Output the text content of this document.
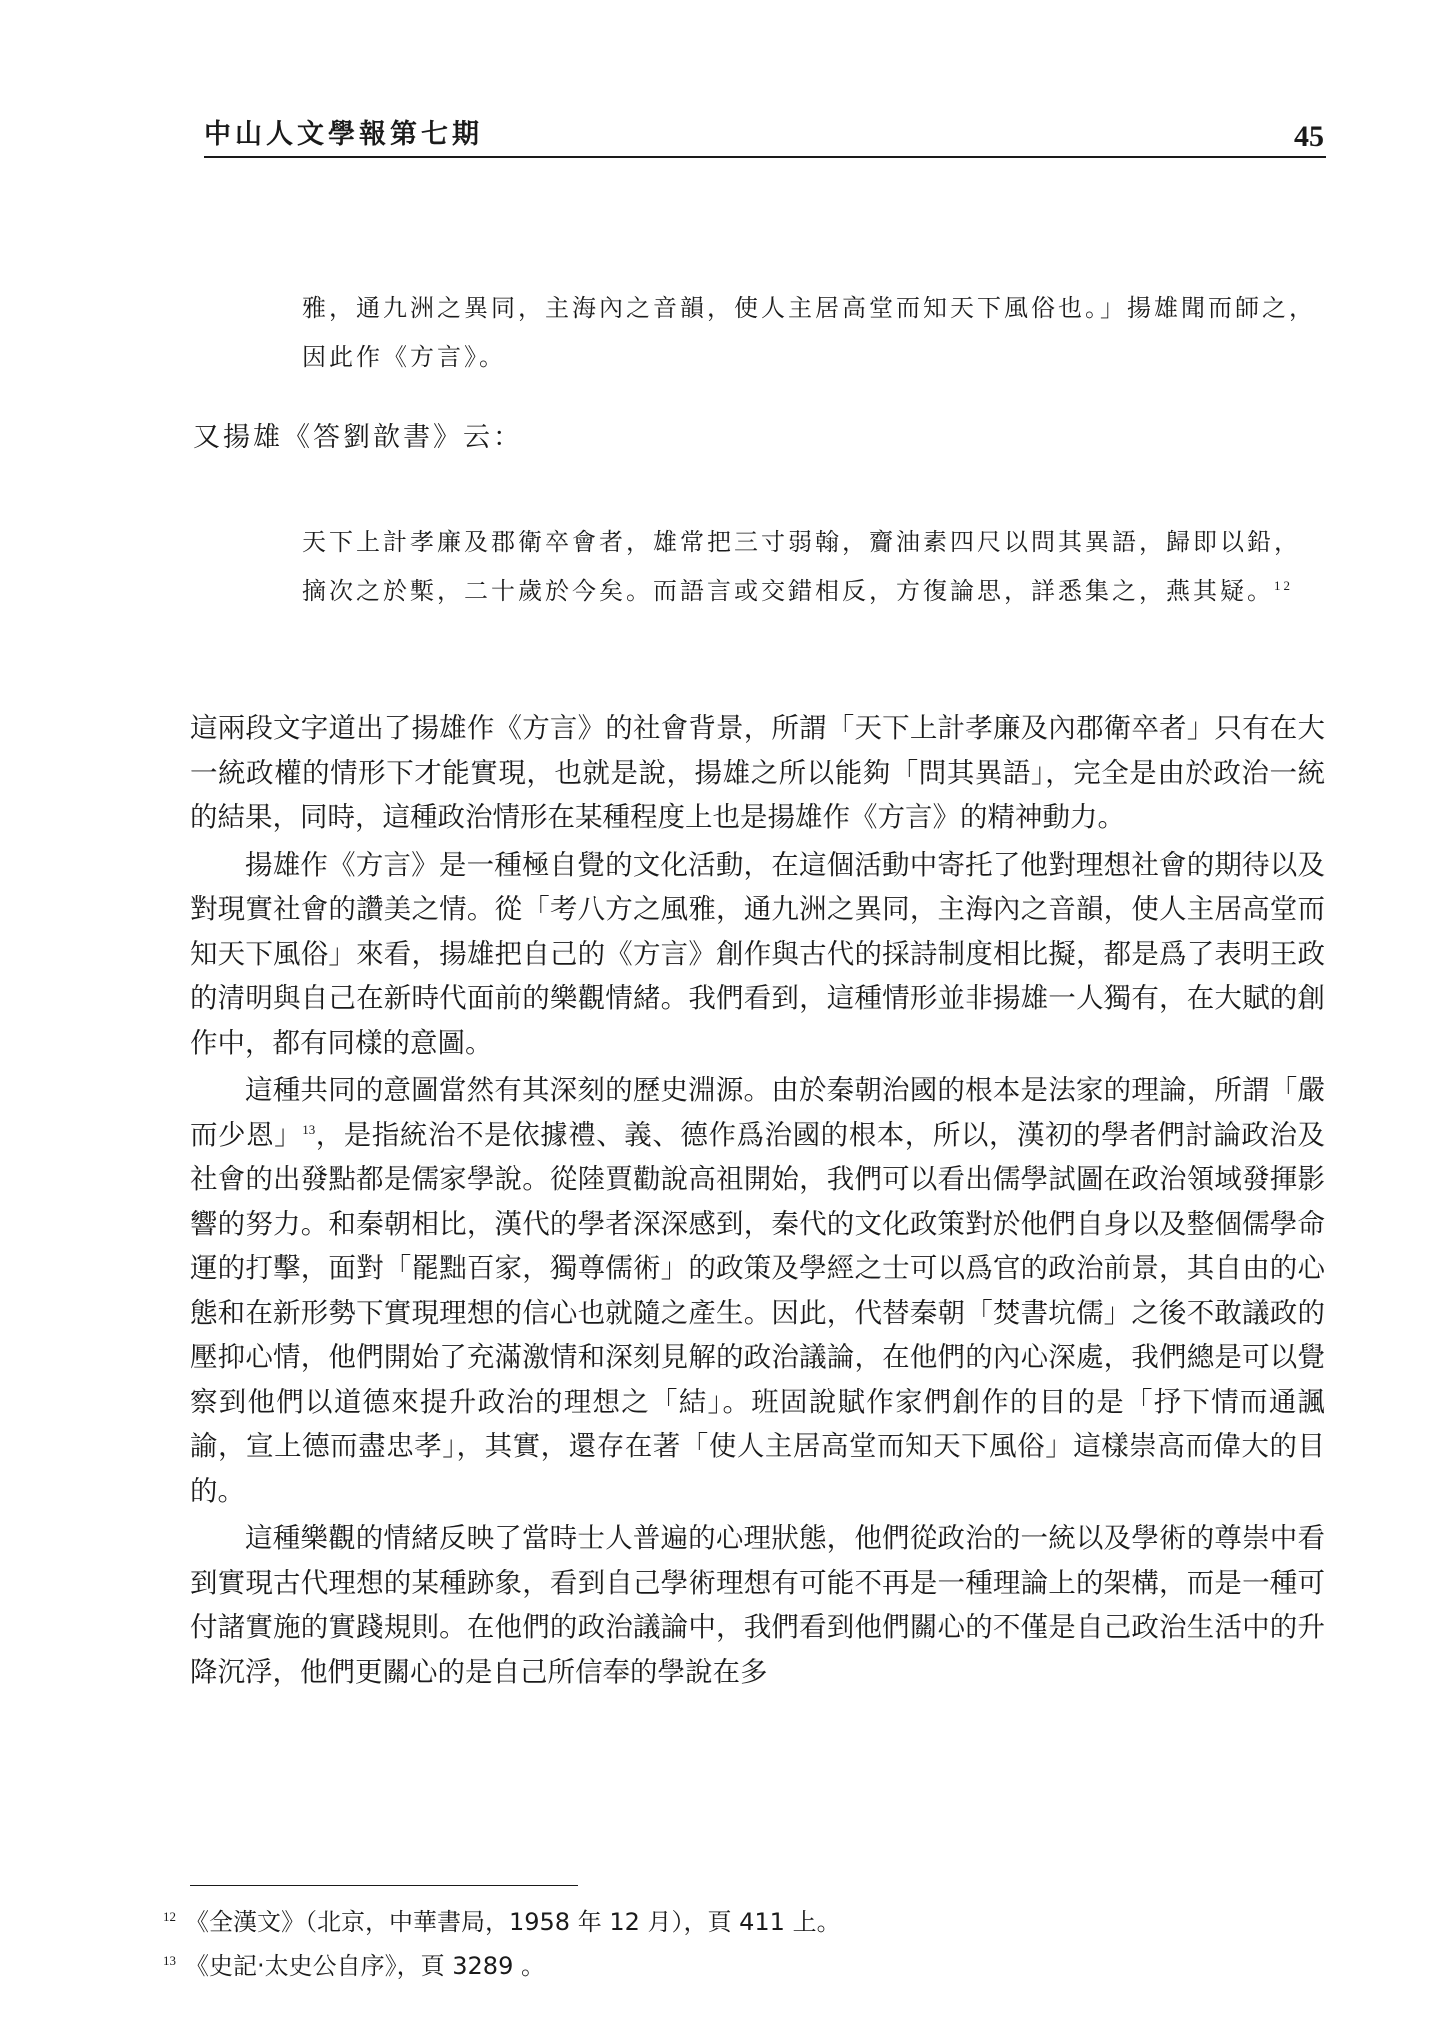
中山人文學報第七期	45
雅，通九洲之異同，主海內之音韻，使人主居高堂而知天下風俗也。」揚雄聞而師之，因此作《方言》。
又揚雄《答劉歆書》云：
天下上計孝廉及郡衛卒會者，雄常把三寸弱翰，齎油素四尺以問其異語，歸即以鉛，摘次之於槧，二十歲於今矣。而語言或交錯相反，方復論思，詳悉集之，燕其疑。$^{12}$

這兩段文字道出了揚雄作《方言》的社會背景，所謂「天下上計孝廉及內郡衛卒者」只有在大一統政權的情形下才能實現，也就是說，揚雄之所以能夠「問其異語」，完全是由於政治一統的結果，同時，這種政治情形在某種程度上也是揚雄作《方言》的精神動力。

揚雄作《方言》是一種極自覺的文化活動，在這個活動中寄托了他對理想社會的期待以及對現實社會的讚美之情。從「考八方之風雅，通九洲之異同，主海內之音韻，使人主居高堂而知天下風俗」來看，揚雄把自己的《方言》創作與古代的採詩制度相比擬，都是爲了表明王政的清明與自己在新時代面前的樂觀情緒。我們看到，這種情形並非揚雄一人獨有，在大賦的創作中，都有同樣的意圖。

這種共同的意圖當然有其深刻的歷史淵源。由於秦朝治國的根本是法家的理論，所謂「嚴而少恩」$^{13}$，是指統治不是依據禮、義、德作爲治國的根本，所以，漢初的學者們討論政治及社會的出發點都是儒家學說。從陸賈勸說高祖開始，我們可以看出儒學試圖在政治領域發揮影響的努力。和秦朝相比，漢代的學者深深感到，秦代的文化政策對於他們自身以及整個儒學命運的打擊，面對「罷黜百家，獨尊儒術」的政策及學經之士可以爲官的政治前景，其自由的心態和在新形勢下實現理想的信心也就隨之產生。因此，代替秦朝「焚書坑儒」之後不敢議政的壓抑心情，他們開始了充滿激情和深刻見解的政治議論，在他們的內心深處，我們總是可以覺察到他們以道德來提升政治的理想之「結」。班固說賦作家們創作的目的是「抒下情而通諷諭，宣上德而盡忠孝」，其實，還存在著「使人主居高堂而知天下風俗」這樣崇高而偉大的目的。

這種樂觀的情緒反映了當時士人普遍的心理狀態，他們從政治的一統以及學術的尊崇中看到實現古代理想的某種跡象，看到自己學術理想有可能不再是一種理論上的架構，而是一種可付諸實施的實踐規則。在他們的政治議論中，我們看到他們關心的不僅是自己政治生活中的升降沉浮，他們更關心的是自己所信奉的學說在多

12 《全漢文》（北京，中華書局，1958 年 12 月），頁 411 上。
13 《史記‧太史公自序》，頁 3289 。
